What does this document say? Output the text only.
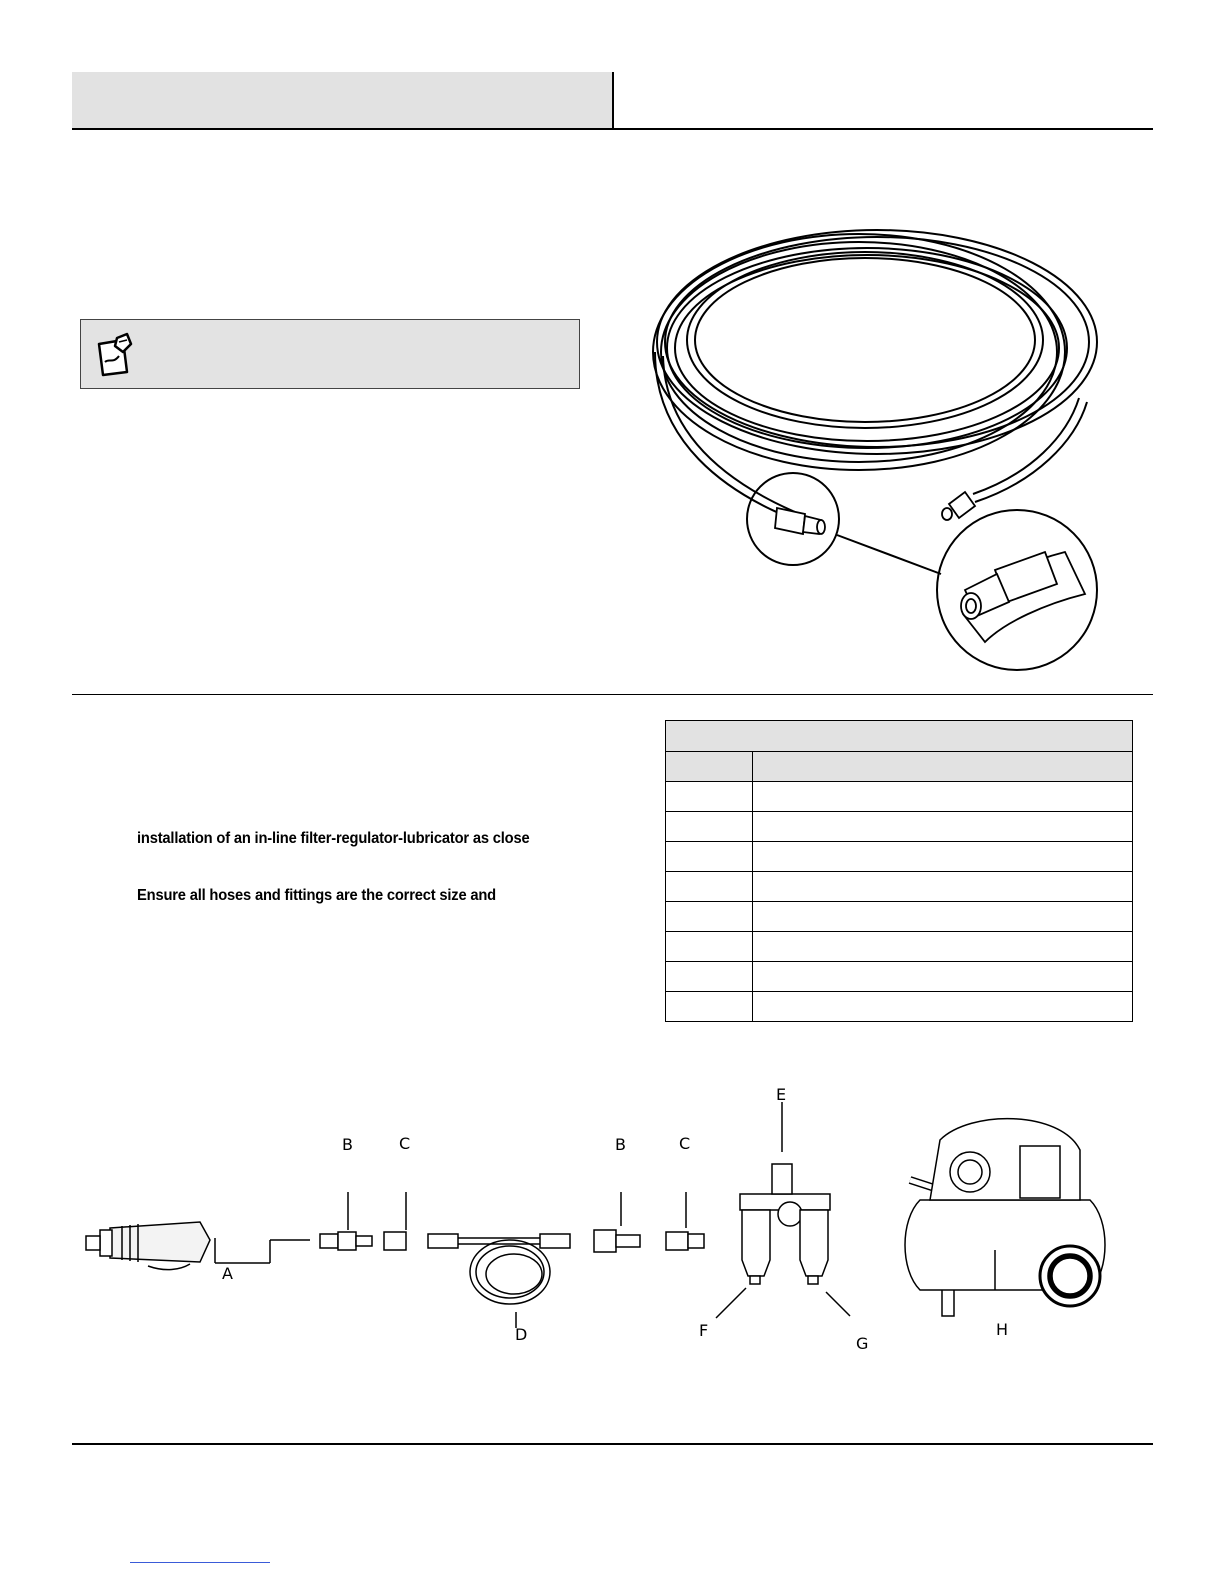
installation of an in-line filter-regulator-lubricator as close
Ensure all hoses and fittings are the correct size and

A
B	C
D
B	C
E
F
G
H
